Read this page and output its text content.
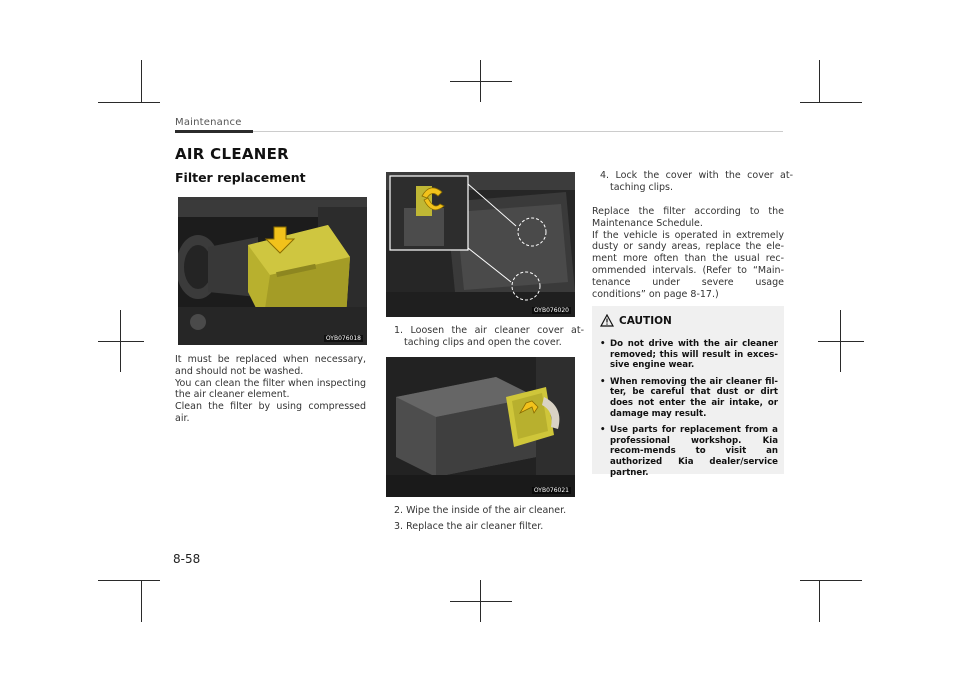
Maintenance
AIR CLEANER
Filter replacement
OYB076018

It must be replaced when necessary, and should not be washed.

You can clean the filter when inspecting the air cleaner element.

Clean the filter by using compressed air.

OYB076020
1. Loosen the air cleaner cover at-taching clips and open the cover.
OYB076021
2. Wipe the inside of the air cleaner.
3. Replace the air cleaner filter.
4. Lock the cover with the cover at-taching clips.

Replace the filter according to the Maintenance Schedule.

If the vehicle is operated in extremely dusty or sandy areas, replace the ele-ment more often than the usual rec-ommended intervals. (Refer to “Main-tenance under severe usage conditions” on page 8-17.)

CAUTION
• Do not drive with the air cleaner removed; this will result in exces-sive engine wear.
• When removing the air cleaner fil-ter, be careful that dust or dirt does not enter the air intake, or damage may result.
• Use parts for replacement from a professional workshop. Kia recom-mends to visit an authorized Kia dealer/service partner.
8-58
